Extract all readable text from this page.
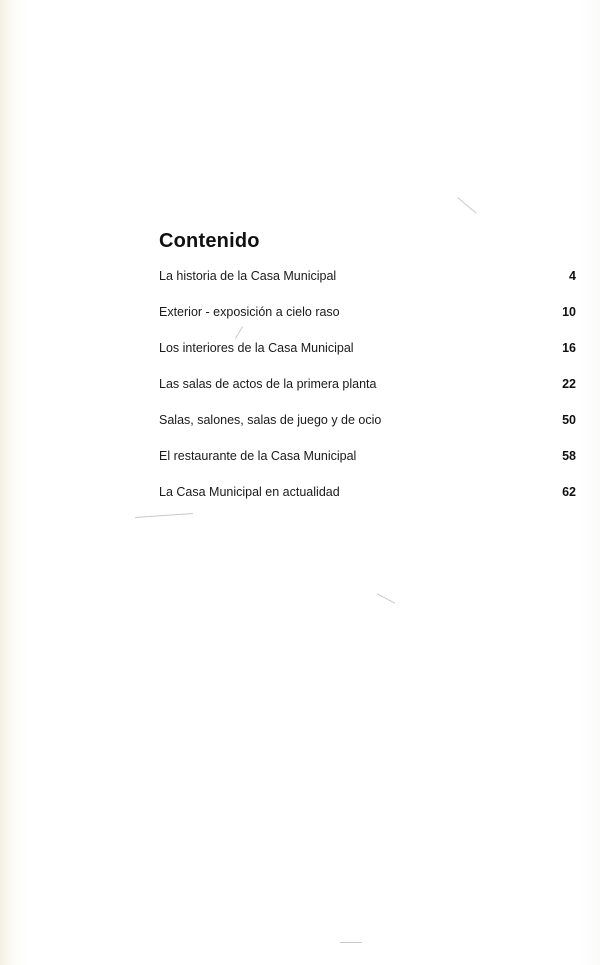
Contenido
La historia de la Casa Municipal	4
Exterior - exposición a cielo raso	10
Los interiores de la Casa Municipal	16
Las salas de actos de la primera planta	22
Salas, salones, salas de juego y de ocio	50
El restaurante de la Casa Municipal	58
La Casa Municipal en actualidad	62
